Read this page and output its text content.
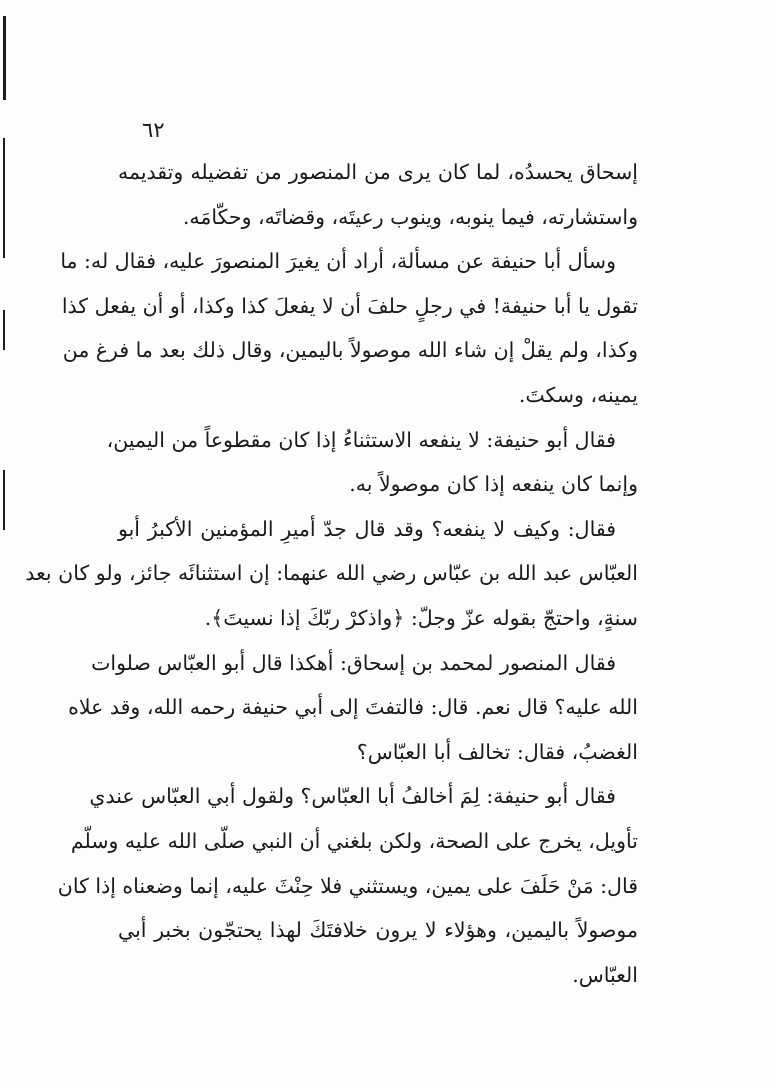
٦٢
إسحاق يحسدُه، لما كان يرى من المنصور من تفضيله وتقديمه
واستشارته، فيما ينوبه، وينوب رعيتَه، وقضاتَه، وحكّامَه.
وسأل أبا حنيفة عن مسألة، أراد أن يغيرَ المنصورَ عليه، فقال له: ما
تقول يا أبا حنيفة! في رجلٍ حلفَ أن لا يفعلَ كذا وكذا، أو أن يفعل كذا
وكذا، ولم يقلْ إن شاء الله موصولاً باليمين، وقال ذلك بعد ما فرغ من
يمينه، وسكتَ.
فقال أبو حنيفة: لا ينفعه الاستثناءُ إذا كان مقطوعاً من اليمين،
وإنما كان ينفعه إذا كان موصولاً به.
فقال: وكيف لا ينفعه؟ وقد قال جدّ أميرِ المؤمنين الأكبرُ أبو
العبّاس عبد الله بن عبّاس رضي الله عنهما: إن استثنائَه جائز، ولو كان بعد
سنةٍ، واحتجّ بقوله عزّ وجلّ: ﴿واذكرْ ربّكَ إذا نسيتَ﴾.
فقال المنصور لمحمد بن إسحاق: أهكذا قال أبو العبّاس صلوات
الله عليه؟ قال نعم. قال: فالتفتَ إلى أبي حنيفة رحمه الله، وقد علاه
الغضبُ، فقال: تخالف أبا العبّاس؟
فقال أبو حنيفة: لِمَ أخالفُ أبا العبّاس؟ ولقول أبي العبّاس عندي
تأويل، يخرج على الصحة، ولكن بلغني أن النبي صلّى الله عليه وسلّم
قال: مَنْ حَلَفَ على يمين، ويستثني فلا حِنْثَ عليه، إنما وضعناه إذا كان
موصولاً باليمين، وهؤلاء لا يرون خلافتَكَ لهذا يحتجّون بخبر أبي
العبّاس.
